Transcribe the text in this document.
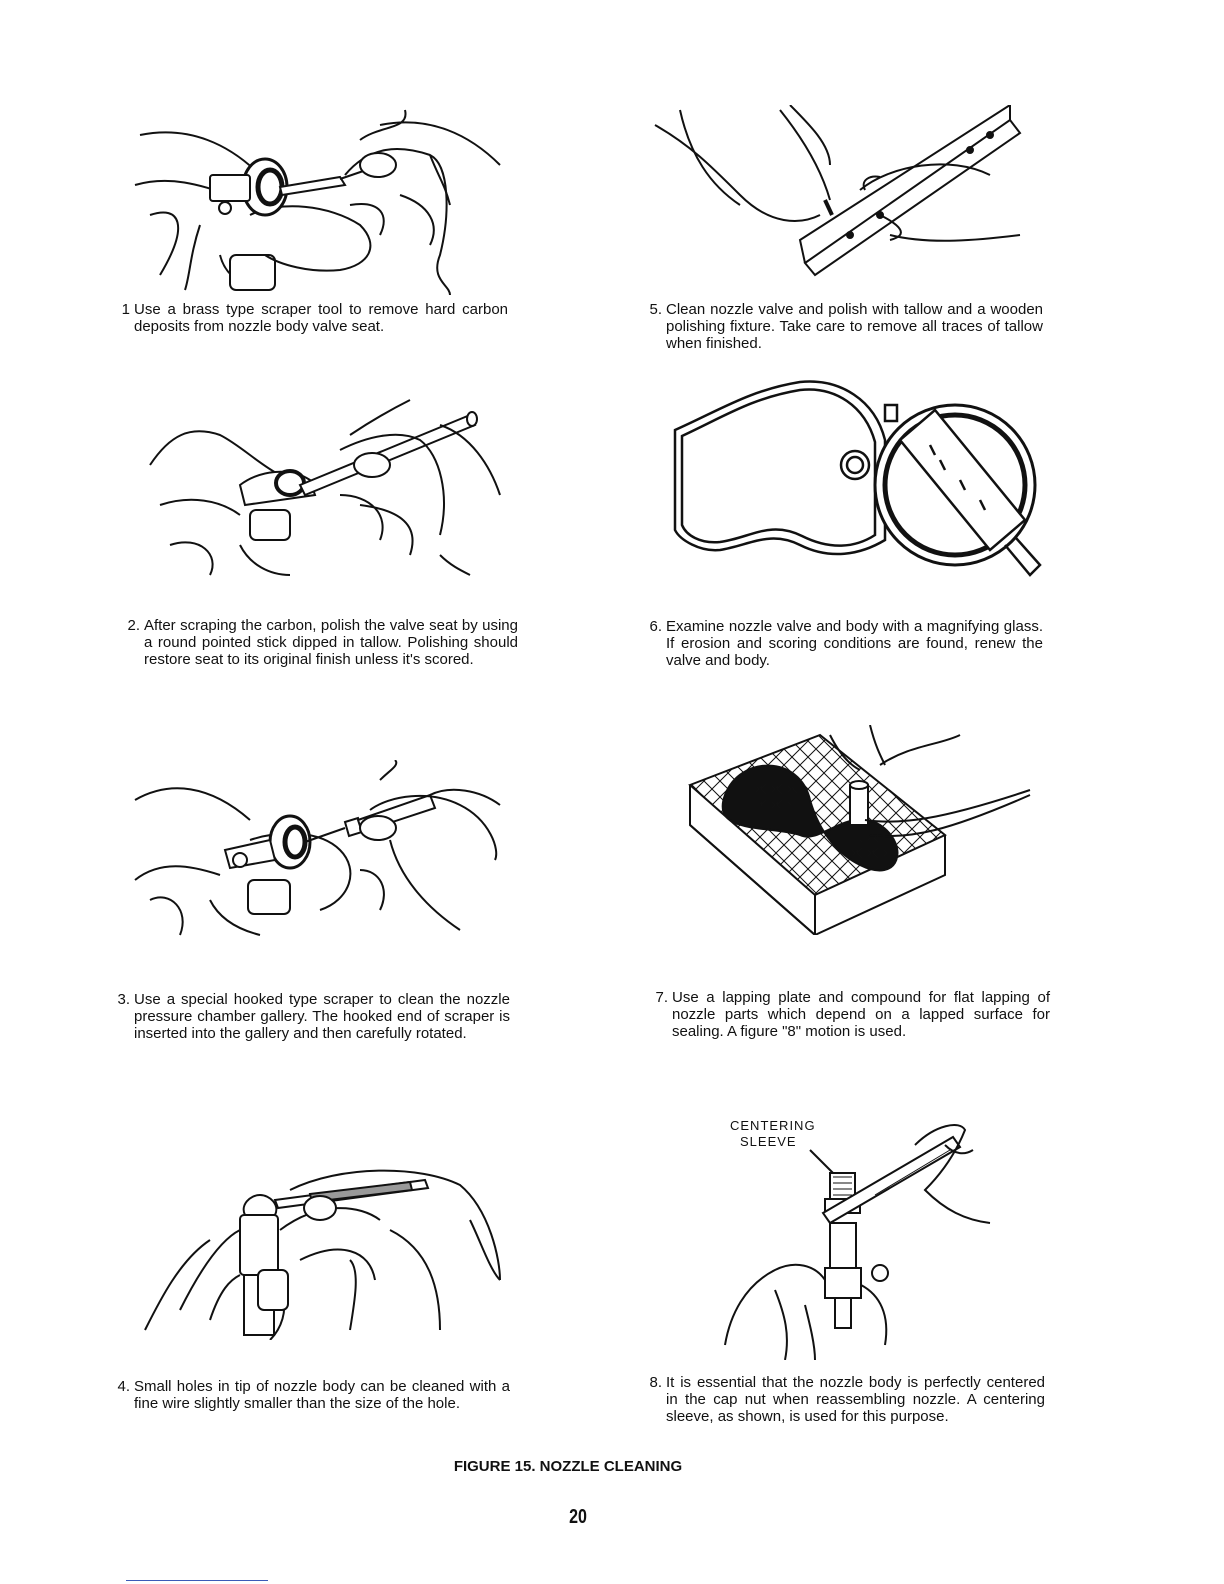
CENTERING
SLEEVE
1 Use a brass type scraper tool to remove hard carbon deposits from nozzle body valve seat.
2. After scraping the carbon, polish the valve seat by using a round pointed stick dipped in tallow. Polishing should restore seat to its original finish unless it's scored.
3. Use a special hooked type scraper to clean the nozzle pressure chamber gallery. The hooked end of scraper is inserted into the gallery and then carefully rotated.
4. Small holes in tip of nozzle body can be cleaned with a fine wire slightly smaller than the size of the hole.
5. Clean nozzle valve and polish with tallow and a wooden polishing fixture. Take care to remove all traces of tallow when finished.
6. Examine nozzle valve and body with a magnifying glass. If erosion and scoring conditions are found, renew the valve and body.
7. Use a lapping plate and compound for flat lapping of nozzle parts which depend on a lapped surface for sealing. A figure "8" motion is used.
8. It is essential that the nozzle body is perfectly centered in the cap nut when reassembling nozzle. A centering sleeve, as shown, is used for this purpose.
FIGURE 15. NOZZLE CLEANING
20
